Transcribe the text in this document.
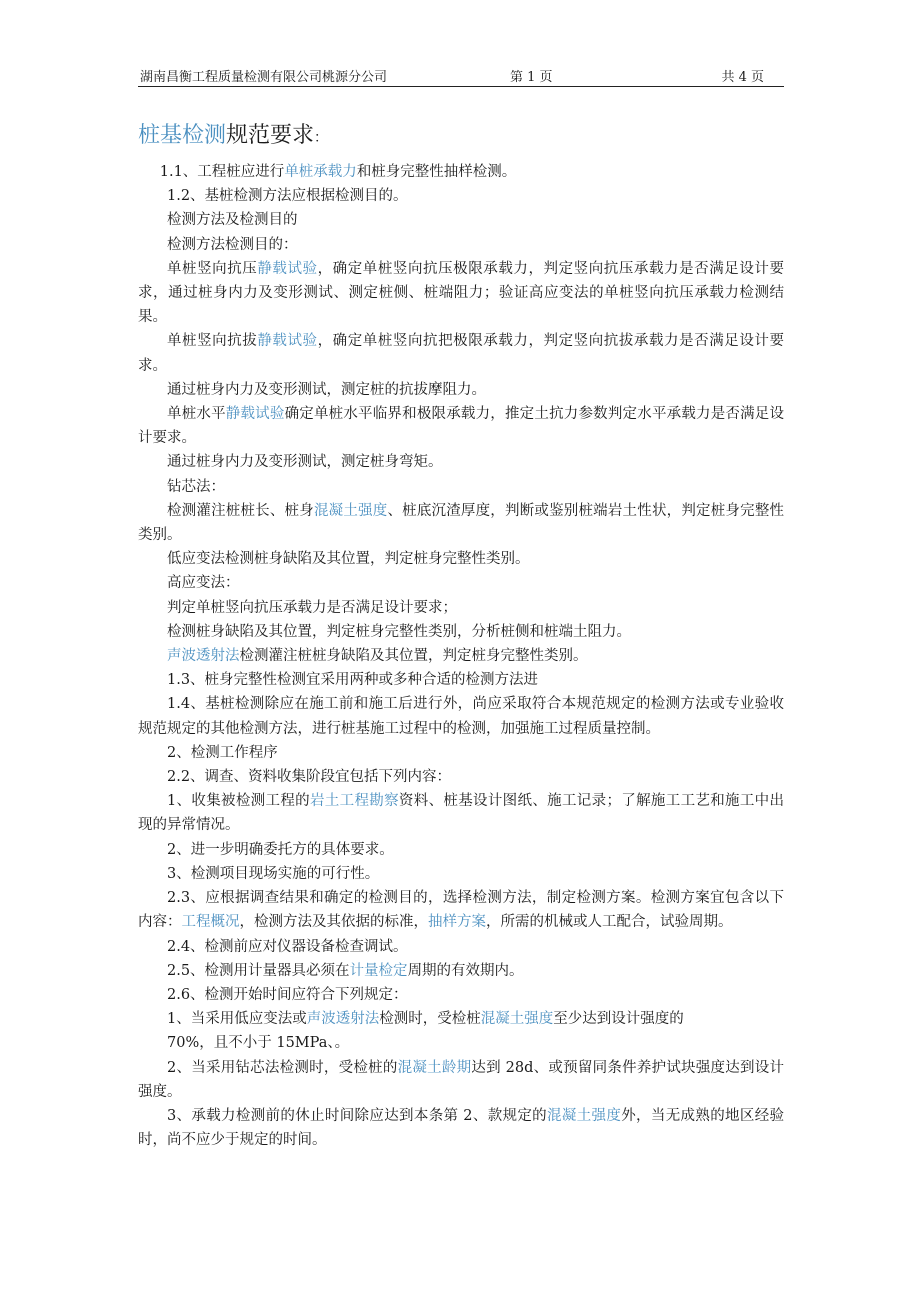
湖南昌衡工程质量检测有限公司桃源分公司	第 1 页	共 4 页
桩基检测规范要求：

1.1、工程桩应进行单桩承载力和桩身完整性抽样检测。

1.2、基桩检测方法应根据检测目的。

检测方法及检测目的

检测方法检测目的：

单桩竖向抗压静载试验，确定单桩竖向抗压极限承载力，判定竖向抗压承载力是否满足设计要求，通过桩身内力及变形测试、测定桩侧、桩端阻力；验证高应变法的单桩竖向抗压承载力检测结果。

单桩竖向抗拔静载试验，确定单桩竖向抗把极限承载力，判定竖向抗拔承载力是否满足设计要求。

通过桩身内力及变形测试，测定桩的抗拔摩阻力。

单桩水平静载试验确定单桩水平临界和极限承载力，推定土抗力参数判定水平承载力是否满足设计要求。

通过桩身内力及变形测试，测定桩身弯矩。

钻芯法：

检测灌注桩桩长、桩身混凝土强度、桩底沉渣厚度，判断或鉴别桩端岩土性状，判定桩身完整性类别。

低应变法检测桩身缺陷及其位置，判定桩身完整性类别。

高应变法：

判定单桩竖向抗压承载力是否满足设计要求；

检测桩身缺陷及其位置，判定桩身完整性类别，分析桩侧和桩端土阻力。

声波透射法检测灌注桩桩身缺陷及其位置，判定桩身完整性类别。

1.3、桩身完整性检测宜采用两种或多种合适的检测方法进

1.4、基桩检测除应在施工前和施工后进行外，尚应采取符合本规范规定的检测方法或专业验收规范规定的其他检测方法，进行桩基施工过程中的检测，加强施工过程质量控制。

2、检测工作程序

2.2、调查、资料收集阶段宜包括下列内容：

1、收集被检测工程的岩土工程勘察资料、桩基设计图纸、施工记录；了解施工工艺和施工中出现的异常情况。

2、进一步明确委托方的具体要求。

3、检测项目现场实施的可行性。

2.3、应根据调查结果和确定的检测目的，选择检测方法，制定检测方案。检测方案宜包含以下内容：工程概况，检测方法及其依据的标准，抽样方案，所需的机械或人工配合，试验周期。

2.4、检测前应对仪器设备检查调试。

2.5、检测用计量器具必须在计量检定周期的有效期内。

2.6、检测开始时间应符合下列规定：

1、当采用低应变法或声波透射法检测时，受检桩混凝土强度至少达到设计强度的

70%，且不小于 15MPa、。

2、当采用钻芯法检测时，受检桩的混凝土龄期达到 28d、或预留同条件养护试块强度达到设计强度。

3、承载力检测前的休止时间除应达到本条第 2、款规定的混凝土强度外，当无成熟的地区经验时，尚不应少于规定的时间。
